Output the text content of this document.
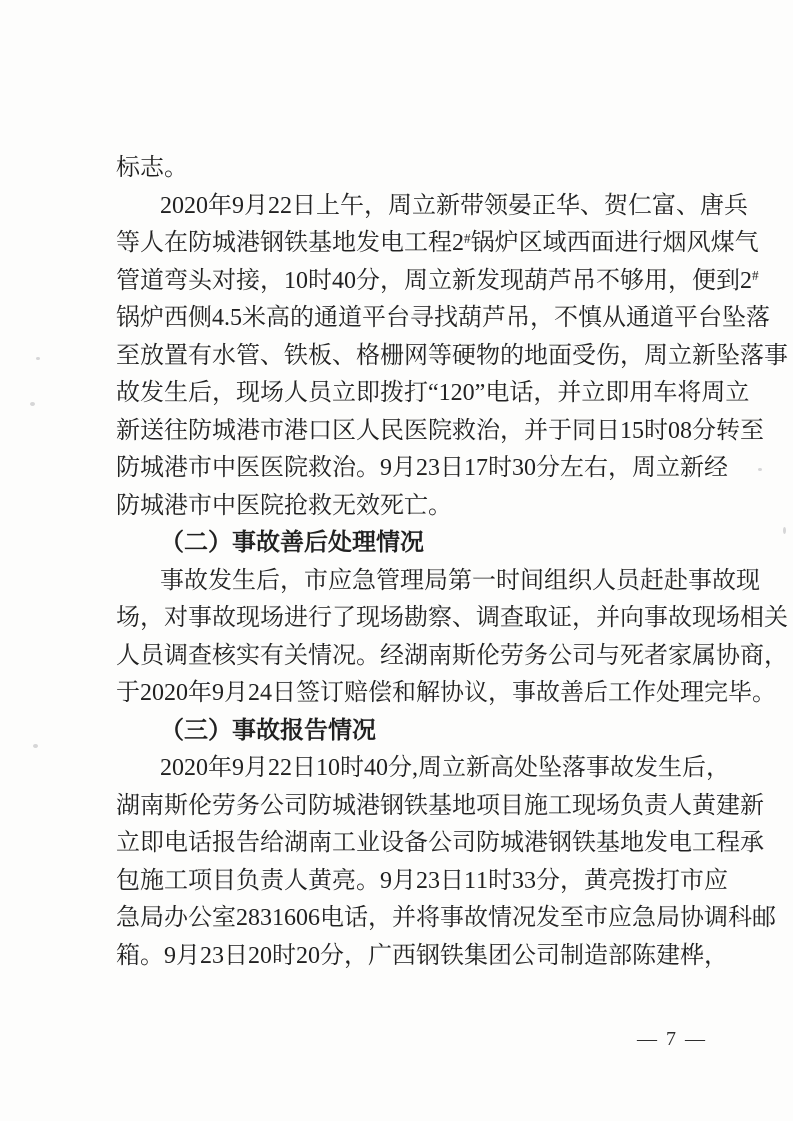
标志。
2 0 2 0 年 9 月 2 2 日 上 午 ， 周 立 新 带 领 晏 正 华 、 贺 仁 富 、 唐 兵
等 人 在 防 城 港 钢 铁 基 地 发 电 工 程 2 # 锅 炉 区 域 西 面 进 行 烟 风 煤 气
管 道 弯 头 对 接 ， 1 0 时 4 0 分 ， 周 立 新 发 现 葫 芦 吊 不 够 用 ， 便 到 2 #
锅 炉 西 侧 4 . 5 米 高 的 通 道 平 台 寻 找 葫 芦 吊 ， 不 慎 从 通 道 平 台 坠 落
至 放 置 有 水 管 、 铁 板 、 格 栅 网 等 硬 物 的 地 面 受 伤 ， 周 立 新 坠 落 事
故 发 生 后 ， 现 场 人 员 立 即 拨 打 “ 1 2 0 ” 电 话 ， 并 立 即 用 车 将 周 立
新 送 往 防 城 港 市 港 口 区 人 民 医 院 救 治 ， 并 于 同 日 1 5 时 0 8 分 转 至
防 城 港 市 中 医 医 院 救 治 。 9 月 2 3 日 1 7 时 3 0 分 左 右 ， 周 立 新 经
防城港市中医院抢救无效死亡。
（二）事故善后处理情况
事 故 发 生 后 ， 市 应 急 管 理 局 第 一 时 间 组 织 人 员 赶 赴 事 故 现
场 ， 对 事 故 现 场 进 行 了 现 场 勘 察 、 调 查 取 证 ， 并 向 事 故 现 场 相 关
人 员 调 查 核 实 有 关 情 况 。 经 湖 南 斯 伦 劳 务 公 司 与 死 者 家 属 协 商 ，
于 2 0 2 0 年 9 月 2 4 日 签 订 赔 偿 和 解 协 议 ， 事 故 善 后 工 作 处 理 完 毕 。
（三）事故报告情况
2 0 2 0 年 9 月 2 2 日 1 0 时 4 0 分 , 周 立 新 高 处 坠 落 事 故 发 生 后 ，
湖 南 斯 伦 劳 务 公 司 防 城 港 钢 铁 基 地 项 目 施 工 现 场 负 责 人 黄 建 新
立 即 电 话 报 告 给 湖 南 工 业 设 备 公 司 防 城 港 钢 铁 基 地 发 电 工 程 承
包 施 工 项 目 负 责 人 黄 亮 。 9 月 2 3 日 1 1 时 3 3 分 ， 黄 亮 拨 打 市 应
急 局 办 公 室 2 8 3 1 6 0 6 电 话 ， 并 将 事 故 情 况 发 至 市 应 急 局 协 调 科 邮
箱 。 9 月 2 3 日 2 0 时 2 0 分 ， 广 西 钢 铁 集 团 公 司 制 造 部 陈 建 桦 ，
— 7 —
